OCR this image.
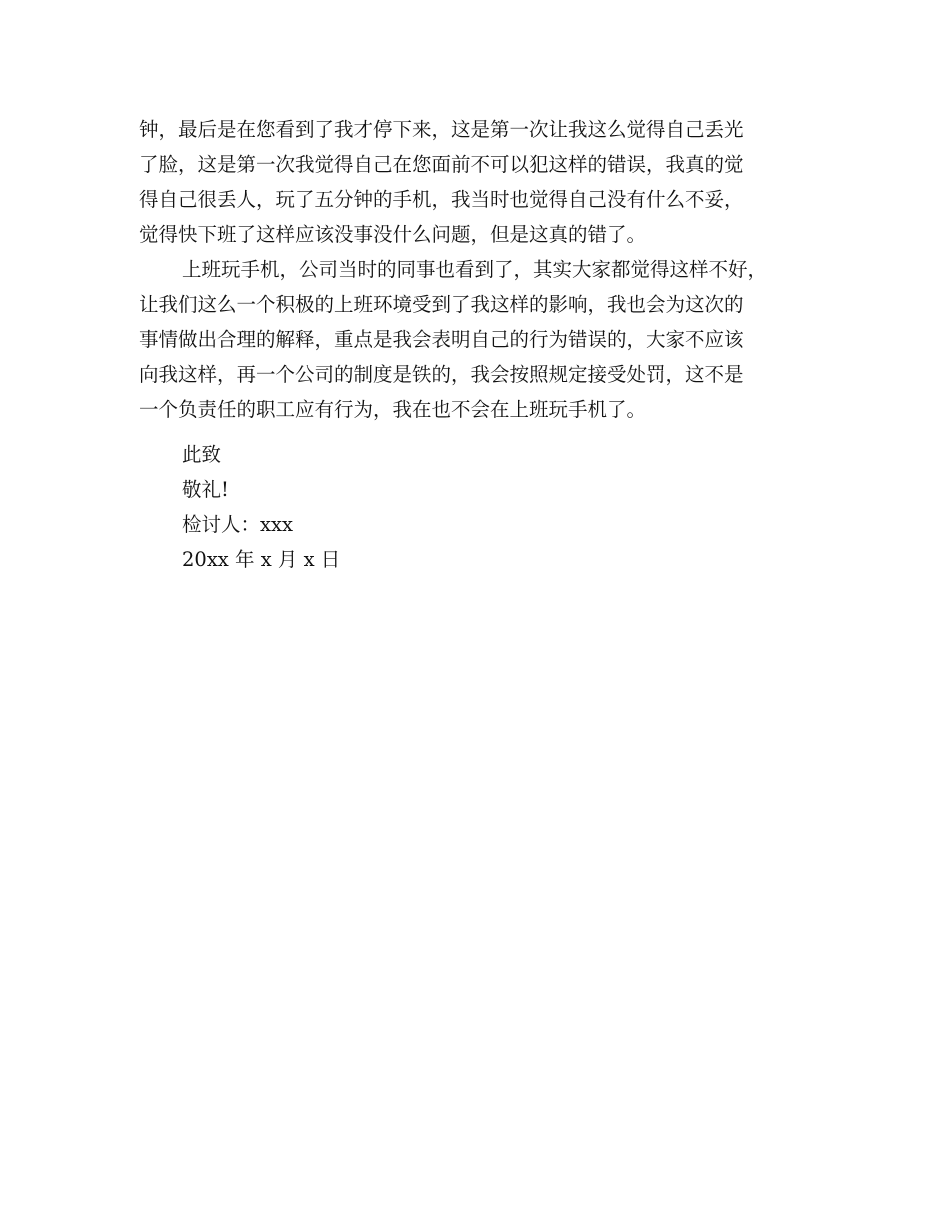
钟，最后是在您看到了我才停下来，这是第一次让我这么觉得自己丢光
了脸，这是第一次我觉得自己在您面前不可以犯这样的错误，我真的觉
得自己很丢人，玩了五分钟的手机，我当时也觉得自己没有什么不妥，
觉得快下班了这样应该没事没什么问题，但是这真的错了。
上班玩手机，公司当时的同事也看到了，其实大家都觉得这样不好，
让我们这么一个积极的上班环境受到了我这样的影响，我也会为这次的
事情做出合理的解释，重点是我会表明自己的行为错误的，大家不应该
向我这样，再一个公司的制度是铁的，我会按照规定接受处罚，这不是
一个负责任的职工应有行为，我在也不会在上班玩手机了。
此致
敬礼!
检讨人：xxx
20xx 年 x 月 x 日
